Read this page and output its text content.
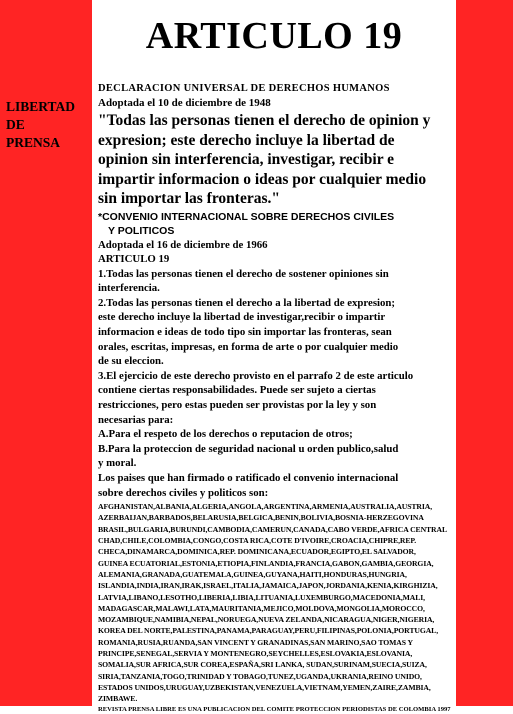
ARTICULO 19
LIBERTAD
DE
PRENSA
DECLARACION UNIVERSAL DE DERECHOS HUMANOS
Adoptada el 10 de diciembre de 1948
"Todas las personas tienen el derecho de opinion y
expresion; este derecho incluye la libertad de
opinion sin interferencia, investigar, recibir e
impartir informacion o ideas por cualquier medio
sin importar las fronteras."
*CONVENIO INTERNACIONAL SOBRE DERECHOS CIVILES
Y POLITICOS
Adoptada el 16 de diciembre de 1966
ARTICULO 19
1.Todas las personas tienen el derecho de sostener opiniones sin
interferencia.
2.Todas las personas tienen el derecho a la libertad de expresion;
este derecho incluye la libertad de investigar,recibir o impartir
informacion e ideas de todo tipo sin importar las fronteras, sean
orales, escritas, impresas, en forma de arte o por cualquier medio
de su eleccion.
3.El ejercicio de este derecho provisto en el parrafo 2 de este articulo
contiene ciertas responsabilidades. Puede ser sujeto a ciertas
restricciones, pero estas pueden ser provistas por la ley y son
necesarias para:
A.Para el respeto de los derechos o reputacion de otros;
B.Para la proteccion de seguridad nacional u orden publico,salud
y moral.
Los paises que han firmado o ratificado el convenio internacional
sobre derechos civiles y politicos son:
AFGHANISTAN,ALBANIA,ALGERIA,ANGOLA,ARGENTINA,ARMENIA,AUSTRALIA,AUSTRIA,
AZERBAIJAN,BARBADOS,BELARUSIA,BELGICA,BENIN,BOLIVIA,BOSNIA-HERZEGOVINA
BRASIL,BULGARIA,BURUNDI,CAMBODIA,CAMERUN,CANADA,CABO VERDE,AFRICA CENTRAL
CHAD,CHILE,COLOMBIA,CONGO,COSTA RICA,COTE D'IVOIRE,CROACIA,CHIPRE,REP.
CHECA,DINAMARCA,DOMINICA,REP. DOMINICANA,ECUADOR,EGIPTO,EL SALVADOR,
GUINEA ECUATORIAL,ESTONIA,ETIOPIA,FINLANDIA,FRANCIA,GABON,GAMBIA,GEORGIA,
ALEMANIA,GRANADA,GUATEMALA,GUINEA,GUYANA,HAITI,HONDURAS,HUNGRIA,
ISLANDIA,INDIA,IRAN,IRAK,ISRAEL,ITALIA,JAMAICA,JAPON,JORDANIA,KENIA,KIRGHIZIA,
LATVIA,LIBANO,LESOTHO,LIBERIA,LIBIA,LITUANIA,LUXEMBURGO,MACEDONIA,MALI,
MADAGASCAR,MALAWI,LATA,MAURITANIA,MEJICO,MOLDOVA,MONGOLIA,MOROCCO,
MOZAMBIQUE,NAMIBIA,NEPAL,NORUEGA,NUEVA ZELANDA,NICARAGUA,NIGER,NIGERIA,
KOREA DEL NORTE,PALESTINA,PANAMA,PARAGUAY,PERU,FILIPINAS,POLONIA,PORTUGAL,
ROMANIA,RUSIA,RUANDA,SAN VINCENT Y GRANADINAS,SAN MARINO,SAO TOMAS Y
PRINCIPE,SENEGAL,SERVIA Y MONTENEGRO,SEYCHELLES,ESLOVAKIA,ESLOVANIA,
SOMALIA,SUR AFRICA,SUR COREA,ESPAÑA,SRI LANKA, SUDAN,SURINAM,SUECIA,SUIZA,
SIRIA,TANZANIA,TOGO,TRINIDAD Y TOBAGO,TUNEZ,UGANDA,UKRANIA,REINO UNIDO,
ESTADOS UNIDOS,URUGUAY,UZBEKISTAN,VENEZUELA,VIETNAM,YEMEN,ZAIRE,ZAMBIA,
ZIMBAWE.
REVISTA PRENSA LIBRE ES UNA PUBLICACION DEL COMITE PROTECCION PERIODISTAS DE COLOMBIA 1997
